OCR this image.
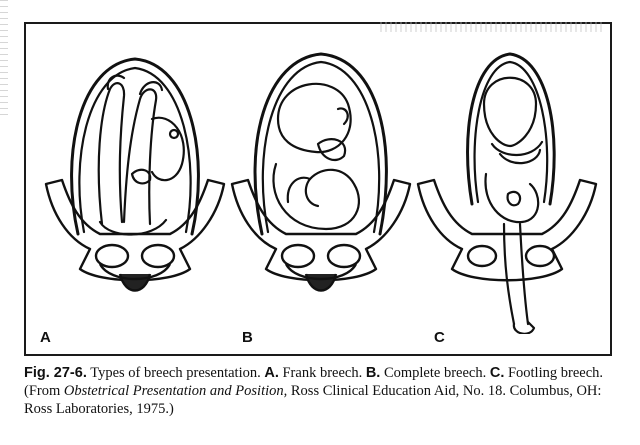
A	B	C
Fig. 27-6. Types of breech presentation. A. Frank breech. B. Complete breech. C. Footling breech. (From Obstetrical Presentation and Position, Ross Clinical Education Aid, No. 18. Columbus, OH: Ross Laboratories, 1975.)
